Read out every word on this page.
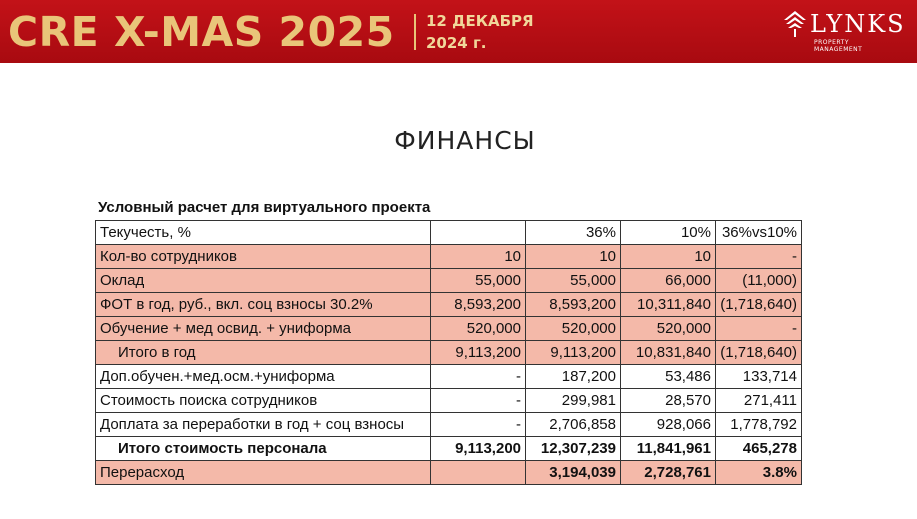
CRE X-MAS 2025 12 ДЕКАБРЯ
2024 г.
LYNKS
PROPERTY
MANAGEMENT
ФИНАНСЫ
Условный расчет для виртуального проекта
Текучесть, %		36%	10%	36%vs10%
Кол-во сотрудников	10	10	10	-
Оклад	55,000	55,000	66,000	(11,000)
ФОТ в год, руб., вкл. соц взносы 30.2%	8,593,200	8,593,200	10,311,840	(1,718,640)
Обучение + мед освид. + униформа	520,000	520,000	520,000	-
Итого в год	9,113,200	9,113,200	10,831,840	(1,718,640)
Доп.обучен.+мед.осм.+униформа	-	187,200	53,486	133,714
Стоимость поиска сотрудников	-	299,981	28,570	271,411
Доплата за переработки в год + соц взносы	-	2,706,858	928,066	1,778,792
Итого стоимость персонала	9,113,200	12,307,239	11,841,961	465,278
Перерасход		3,194,039	2,728,761	3.8%
